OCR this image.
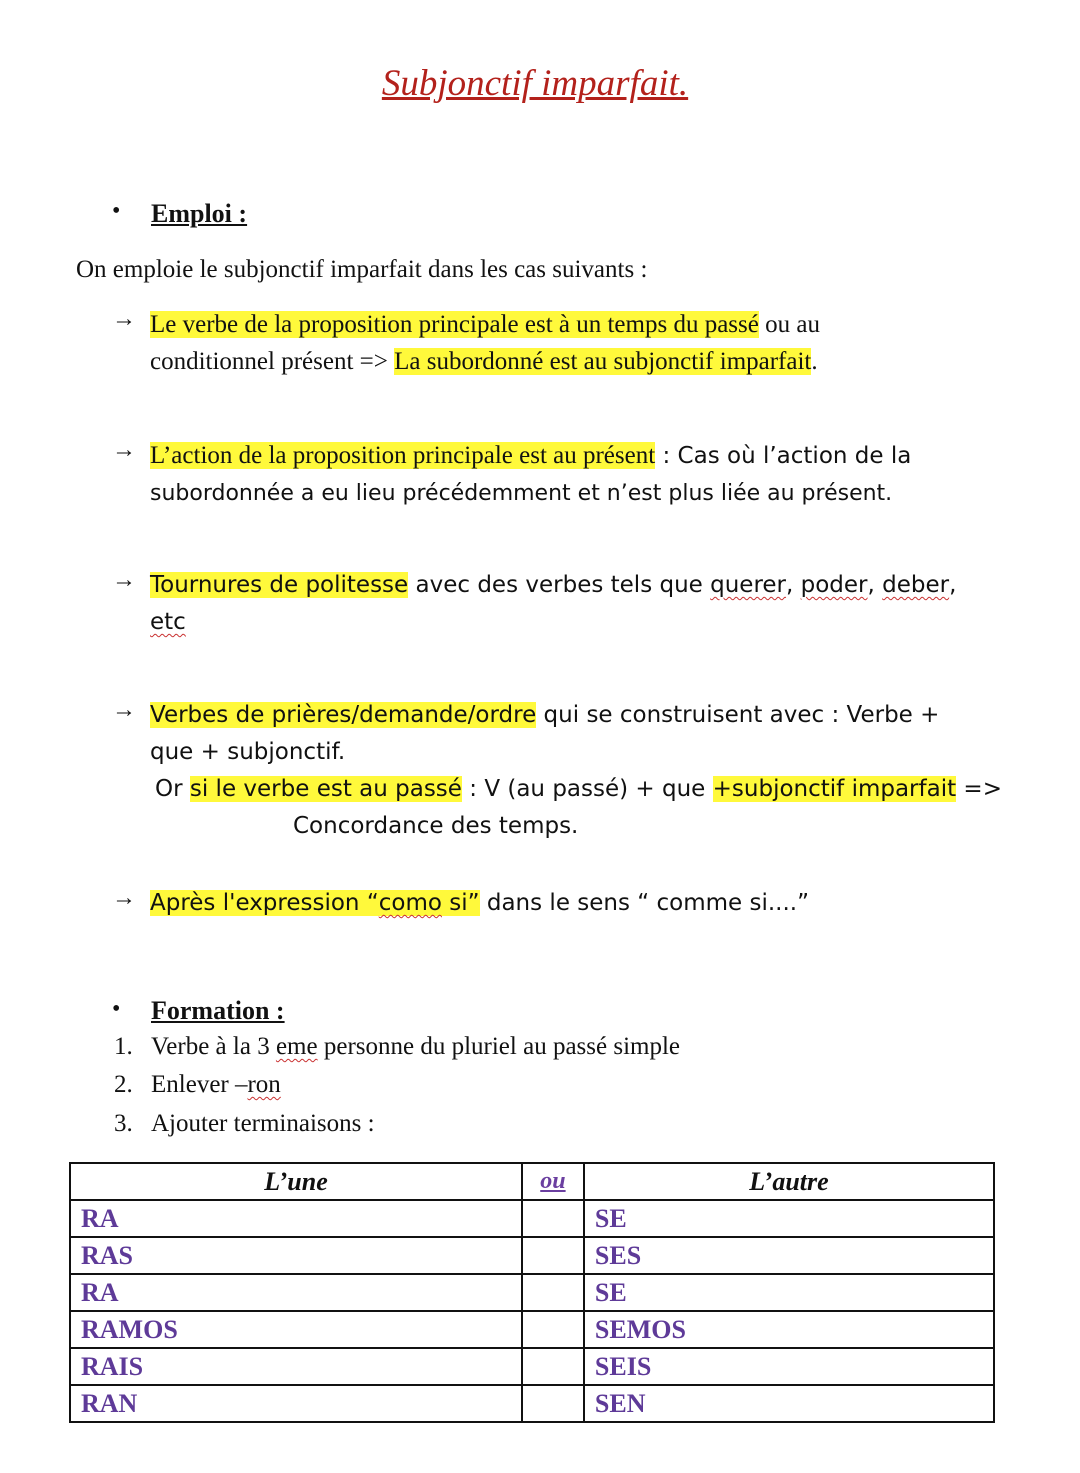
Subjonctif imparfait.
• Emploi :
On emploie le subjonctif imparfait dans les cas suivants :
→ Le verbe de la proposition principale est à un temps du passé ou au
conditionnel présent => La subordonné est au subjonctif imparfait.
→ L’action de la proposition principale est au présent : Cas où l’action de la
subordonnée a eu lieu précédemment et n’est plus liée au présent.
→ Tournures de politesse avec des verbes tels que querer, poder, deber,
etc
→ Verbes de prières/demande/ordre qui se construisent avec : Verbe +
que + subjonctif.
Or si le verbe est au passé : V (au passé) + que +subjonctif imparfait =>
Concordance des temps.
→ Après l'expression “como si” dans le sens “ comme si....”
• Formation :
1. Verbe à la 3 eme personne du pluriel au passé simple
2. Enlever –ron
3. Ajouter terminaisons :
L’une	ou	L’autre
RA		SE
RAS		SES
RA		SE
RAMOS		SEMOS
RAIS		SEIS
RAN		SEN
